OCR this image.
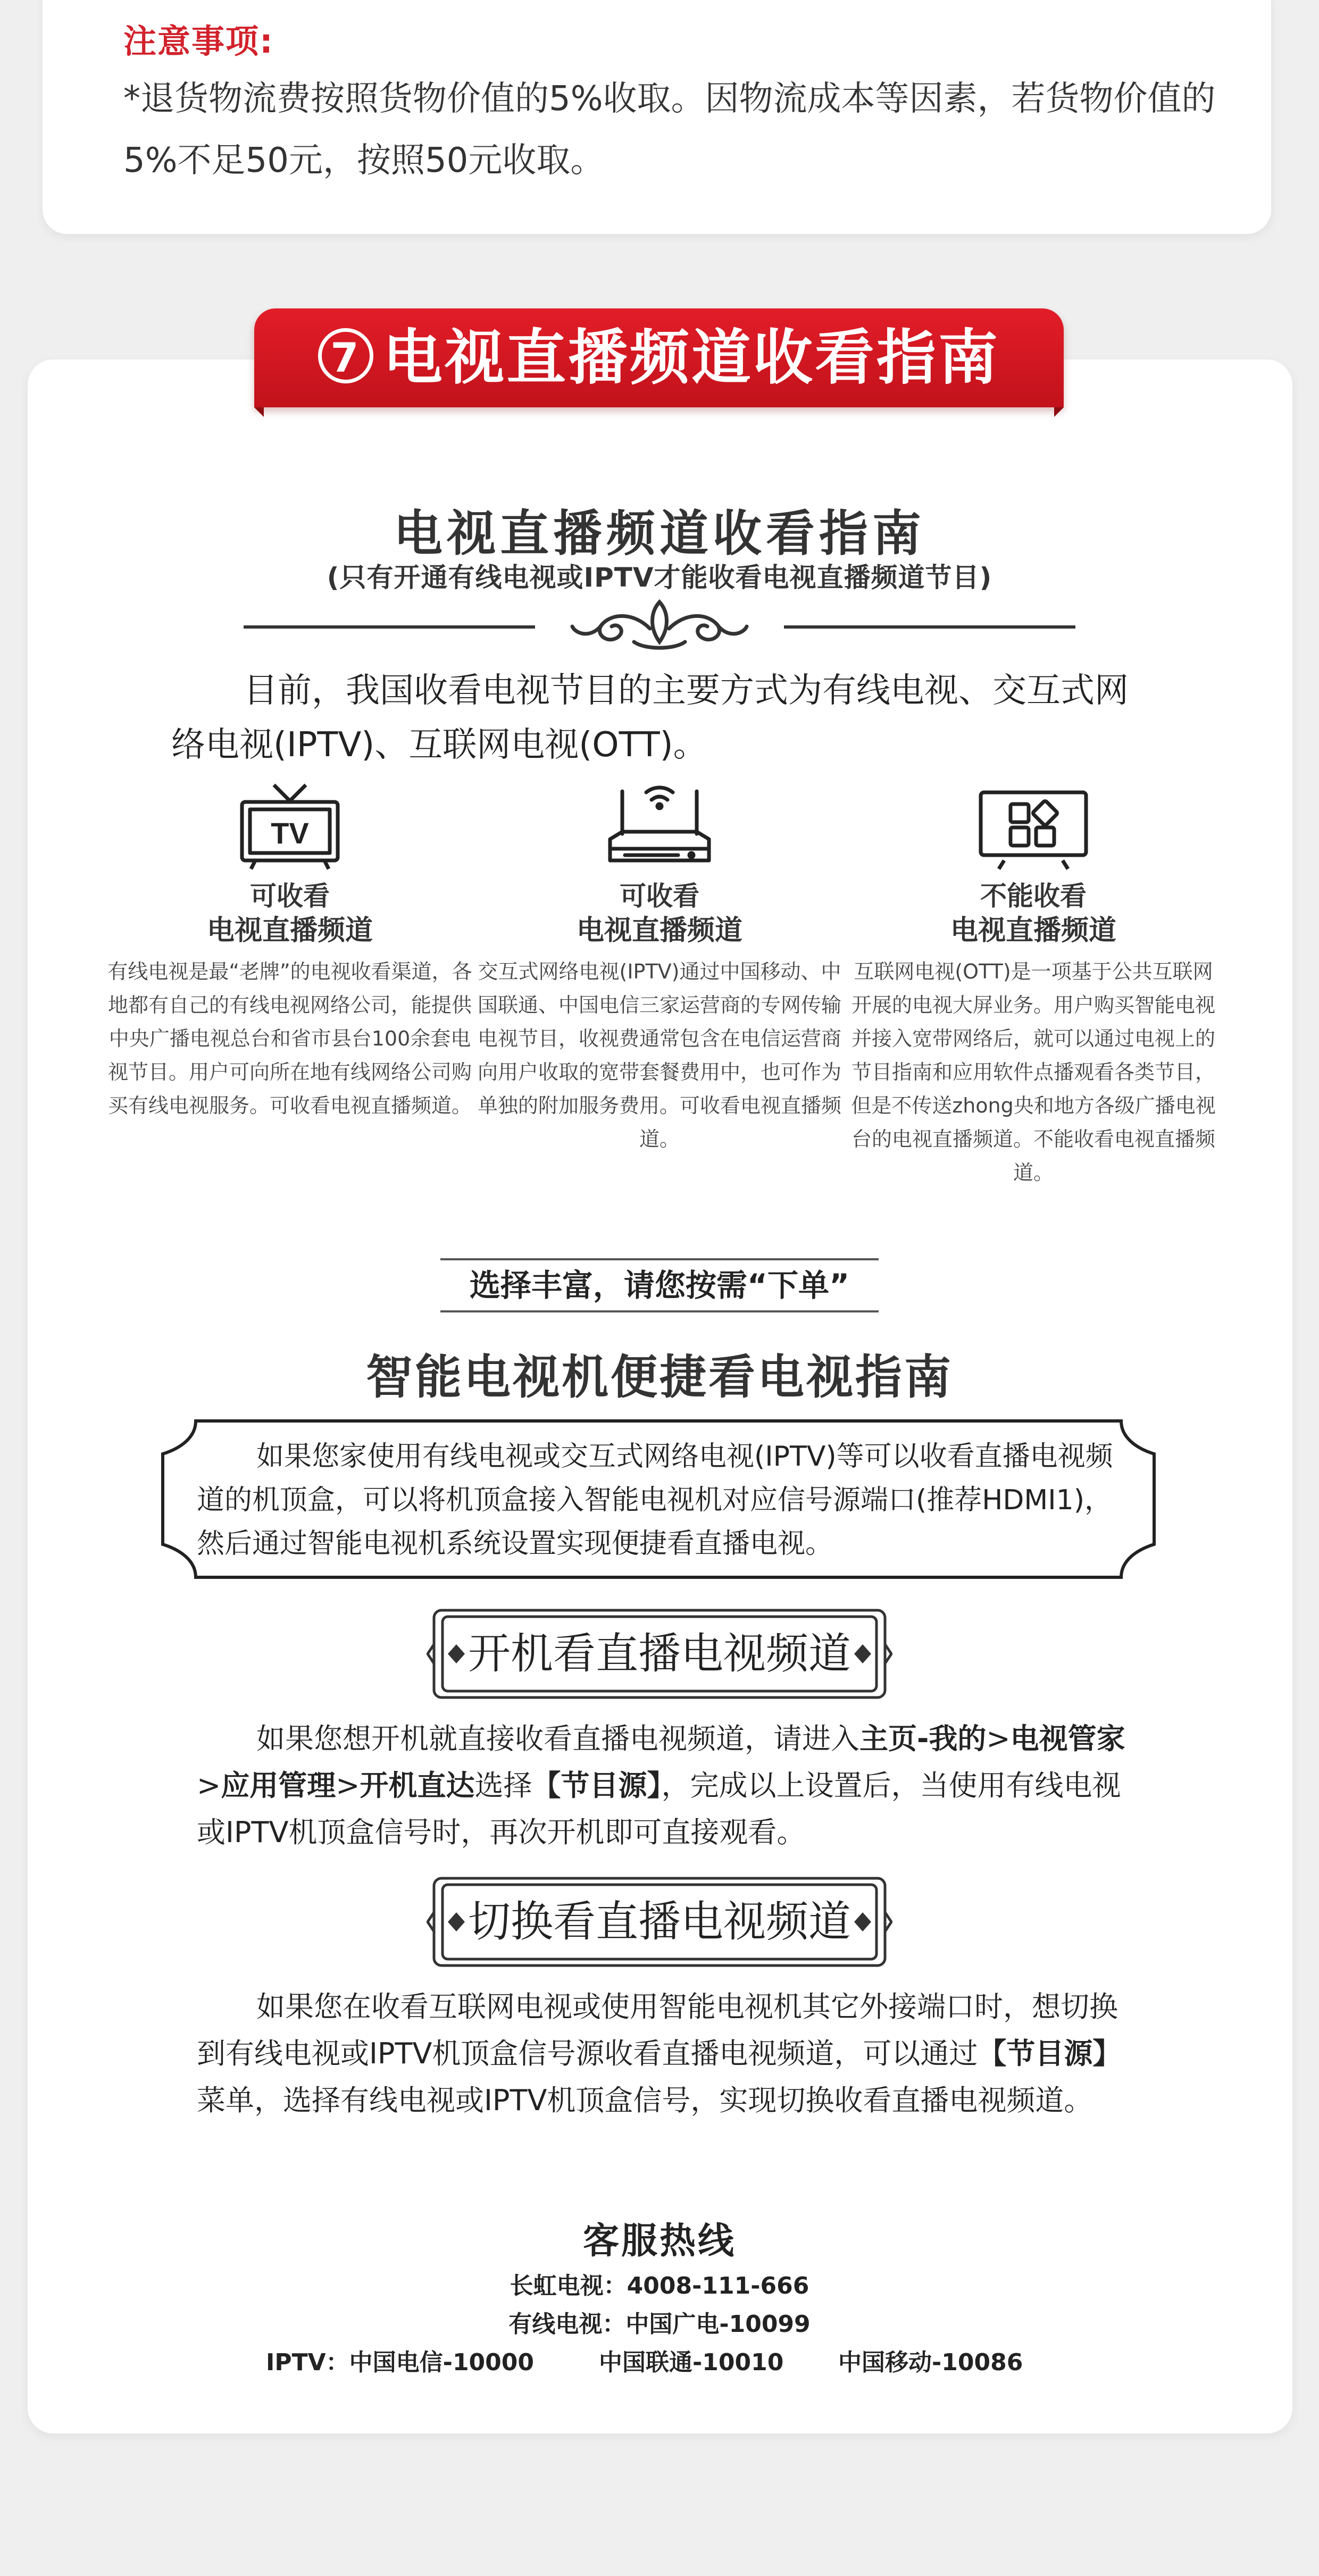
注意事项:
*退货物流费按照货物价值的5%收取。因物流成本等因素，若货物价值的5%不足50元，按照50元收取。
7 电视直播频道收看指南
电视直播频道收看指南
(只有开通有线电视或IPTV才能收看电视直播频道节目)
目前，我国收看电视节目的主要方式为有线电视、交互式网络电视(IPTV)、互联网电视(OTT)。
TV
可收看
电视直播频道
有线电视是最“老牌”的电视收看渠道，各地都有自己的有线电视网络公司，能提供中央广播电视总台和省市县台100余套电视节目。用户可向所在地有线网络公司购买有线电视服务。可收看电视直播频道。
可收看
电视直播频道
交互式网络电视(IPTV)通过中国移动、中国联通、中国电信三家运营商的专网传输电视节目，收视费通常包含在电信运营商向用户收取的宽带套餐费用中，也可作为单独的附加服务费用。可收看电视直播频道。
不能收看
电视直播频道
互联网电视(OTT)是一项基于公共互联网开展的电视大屏业务。用户购买智能电视并接入宽带网络后，就可以通过电视上的节目指南和应用软件点播观看各类节目，但是不传送zhong央和地方各级广播电视台的电视直播频道。不能收看电视直播频道。
选择丰富，请您按需“下单”
智能电视机便捷看电视指南
如果您家使用有线电视或交互式网络电视(IPTV)等可以收看直播电视频道的机顶盒，可以将机顶盒接入智能电视机对应信号源端口(推荐HDMI1)，然后通过智能电视机系统设置实现便捷看直播电视。
开机看直播电视频道
如果您想开机就直接收看直播电视频道，请进入主页-我的>电视管家>应用管理>开机直达选择【节目源】，完成以上设置后，当使用有线电视或IPTV机顶盒信号时，再次开机即可直接观看。
切换看直播电视频道
如果您在收看互联网电视或使用智能电视机其它外接端口时，想切换到有线电视或IPTV机顶盒信号源收看直播电视频道，可以通过【节目源】菜单，选择有线电视或IPTV机顶盒信号，实现切换收看直播电视频道。
客服热线
长虹电视：4008-111-666
有线电视：中国广电-10099
IPTV：中国电信-10000	中国联通-10010 中国移动-10086
